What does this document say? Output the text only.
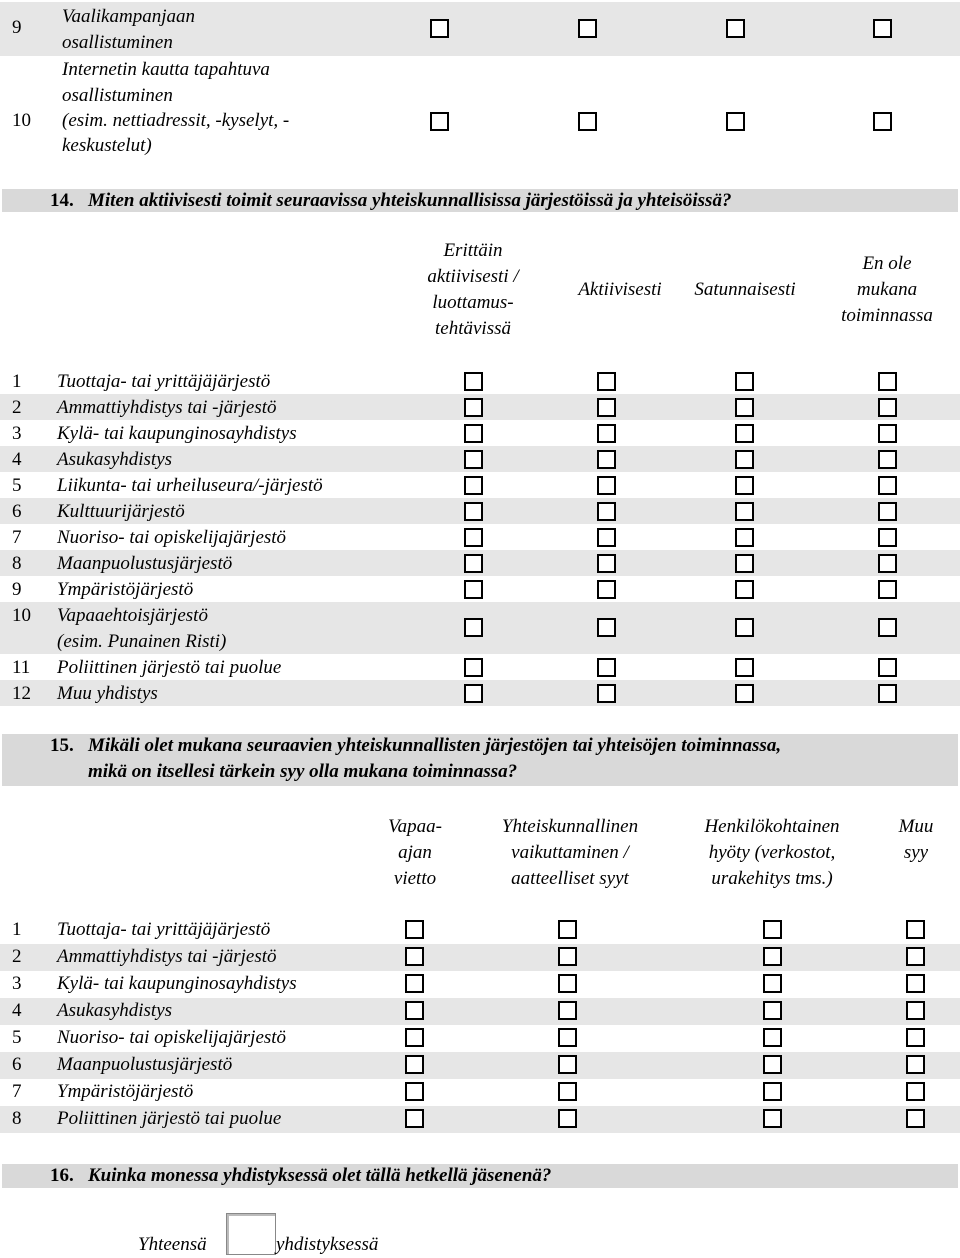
9
Vaalikampanjaan
osallistuminen
10
Internetin kautta tapahtuva
osallistuminen
(esim. nettiadressit, -kyselyt, -
keskustelut)
14. Miten aktiivisesti toimit seuraavissa yhteiskunnallisissa järjestöissä ja yhteisöissä?
Erittäin
aktiivisesti /
luottamus-
tehtävissä
Aktiivisesti	Satunnaisesti
En ole
mukana
toiminnassa
1 Tuottaja- tai yrittäjäjärjestö
2 Ammattiyhdistys tai -järjestö
3 Kylä- tai kaupunginosayhdistys
4 Asukasyhdistys
5 Liikunta- tai urheiluseura/-järjestö
6 Kulttuurijärjestö
7 Nuoriso- tai opiskelijajärjestö
8 Maanpuolustusjärjestö
9 Ympäristöjärjestö
10 Vapaaehtoisjärjestö
(esim. Punainen Risti)
11 Poliittinen järjestö tai puolue
12 Muu yhdistys
15. Mikäli olet mukana seuraavien yhteiskunnallisten järjestöjen tai yhteisöjen toiminnassa,
mikä on itsellesi tärkein syy olla mukana toiminnassa?
Vapaa-
ajan
vietto
Yhteiskunnallinen
vaikuttaminen /
aatteelliset syyt
Henkilökohtainen
hyöty (verkostot,
urakehitys tms.)
Muu
syy
1 Tuottaja- tai yrittäjäjärjestö
2 Ammattiyhdistys tai -järjestö
3 Kylä- tai kaupunginosayhdistys
4 Asukasyhdistys
5 Nuoriso- tai opiskelijajärjestö
6 Maanpuolustusjärjestö
7 Ympäristöjärjestö
8 Poliittinen järjestö tai puolue
16. Kuinka monessa yhdistyksessä olet tällä hetkellä jäsenenä?
Yhteensä	yhdistyksessä
